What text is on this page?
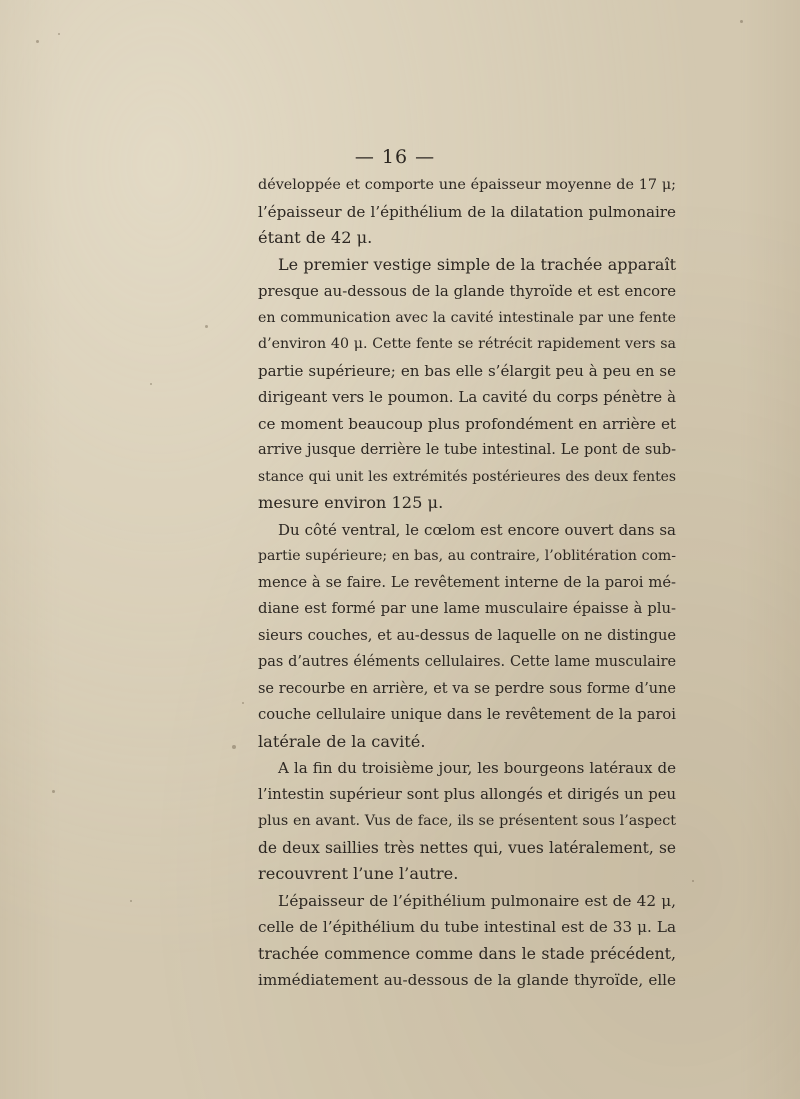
— 16 —
développée et comporte une épaisseur moyenne de 17 μ;
l’épaisseur de l’épithélium de la dilatation pulmonaire
étant de 42 μ.
Le premier vestige simple de la trachée apparaît
presque au-dessous de la glande thyroïde et est encore
en communication avec la cavité intestinale par une fente
d’environ 40 μ. Cette fente se rétrécit rapidement vers sa
partie supérieure; en bas elle s’élargit peu à peu en se
dirigeant vers le poumon. La cavité du corps pénètre à
ce moment beaucoup plus profondément en arrière et
arrive jusque derrière le tube intestinal. Le pont de sub-
stance qui unit les extrémités postérieures des deux fentes
mesure environ 125 μ.
Du côté ventral, le cœlom est encore ouvert dans sa
partie supérieure; en bas, au contraire, l’oblitération com-
mence à se faire. Le revêtement interne de la paroi mé-
diane est formé par une lame musculaire épaisse à plu-
sieurs couches, et au-dessus de laquelle on ne distingue
pas d’autres éléments cellulaires. Cette lame musculaire
se recourbe en arrière, et va se perdre sous forme d’une
couche cellulaire unique dans le revêtement de la paroi
latérale de la cavité.
A la fin du troisième jour, les bourgeons latéraux de
l’intestin supérieur sont plus allongés et dirigés un peu
plus en avant. Vus de face, ils se présentent sous l’aspect
de deux saillies très nettes qui, vues latéralement, se
recouvrent l’une l’autre.
L’épaisseur de l’épithélium pulmonaire est de 42 μ,
celle de l’épithélium du tube intestinal est de 33 μ. La
trachée commence comme dans le stade précédent,
immédiatement au-dessous de la glande thyroïde, elle
